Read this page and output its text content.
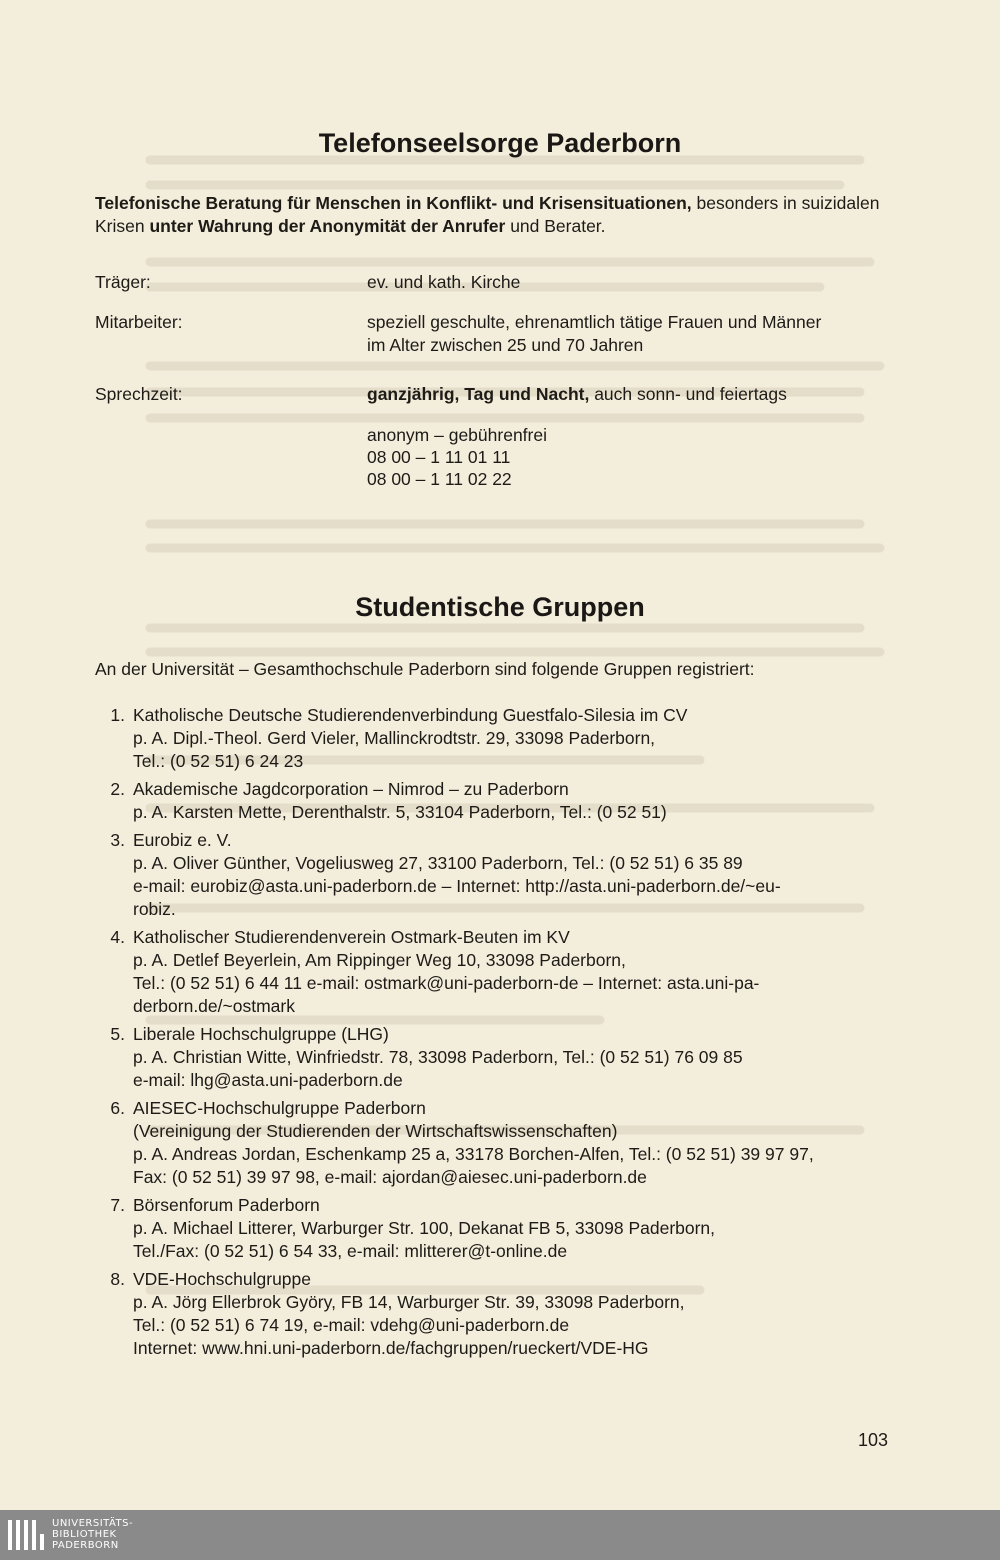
Telefonseelsorge Paderborn
Telefonische Beratung für Menschen in Konflikt- und Krisensituationen, besonders in suizidalen Krisen unter Wahrung der Anonymität der Anrufer und Berater.
Träger:	ev. und kath. Kirche
Mitarbeiter:	speziell geschulte, ehrenamtlich tätige Frauen und Männer
im Alter zwischen 25 und 70 Jahren
Sprechzeit:	ganzjährig, Tag und Nacht, auch sonn- und feiertags
anonym – gebührenfrei
08 00 – 1 11 01 11
08 00 – 1 11 02 22
Studentische Gruppen
An der Universität – Gesamthochschule Paderborn sind folgende Gruppen registriert:
1. Katholische Deutsche Studierendenverbindung Guestfalo-Silesia im CV
p. A. Dipl.-Theol. Gerd Vieler, Mallinckrodtstr. 29, 33098 Paderborn,
Tel.: (0 52 51) 6 24 23
2. Akademische Jagdcorporation – Nimrod – zu Paderborn
p. A. Karsten Mette, Derenthalstr. 5, 33104 Paderborn, Tel.: (0 52 51)
3. Eurobiz e. V.
p. A. Oliver Günther, Vogeliusweg 27, 33100 Paderborn, Tel.: (0 52 51) 6 35 89
e-mail: eurobiz@asta.uni-paderborn.de – Internet: http://asta.uni-paderborn.de/~eu-
robiz.
4. Katholischer Studierendenverein Ostmark-Beuten im KV
p. A. Detlef Beyerlein, Am Rippinger Weg 10, 33098 Paderborn,
Tel.: (0 52 51) 6 44 11 e-mail: ostmark@uni-paderborn-de – Internet: asta.uni-pa-
derborn.de/~ostmark
5. Liberale Hochschulgruppe (LHG)
p. A. Christian Witte, Winfriedstr. 78, 33098 Paderborn, Tel.: (0 52 51) 76 09 85
e-mail: lhg@asta.uni-paderborn.de
6. AIESEC-Hochschulgruppe Paderborn
(Vereinigung der Studierenden der Wirtschaftswissenschaften)
p. A. Andreas Jordan, Eschenkamp 25 a, 33178 Borchen-Alfen, Tel.: (0 52 51) 39 97 97,
Fax: (0 52 51) 39 97 98, e-mail: ajordan@aiesec.uni-paderborn.de
7. Börsenforum Paderborn
p. A. Michael Litterer, Warburger Str. 100, Dekanat FB 5, 33098 Paderborn,
Tel./Fax: (0 52 51) 6 54 33, e-mail: mlitterer@t-online.de
8. VDE-Hochschulgruppe
p. A. Jörg Ellerbrok Györy, FB 14, Warburger Str. 39, 33098 Paderborn,
Tel.: (0 52 51) 6 74 19, e-mail: vdehg@uni-paderborn.de
Internet: www.hni.uni-paderborn.de/fachgruppen/rueckert/VDE-HG
103
UNIVERSITÄTS-
BIBLIOTHEK
PADERBORN
